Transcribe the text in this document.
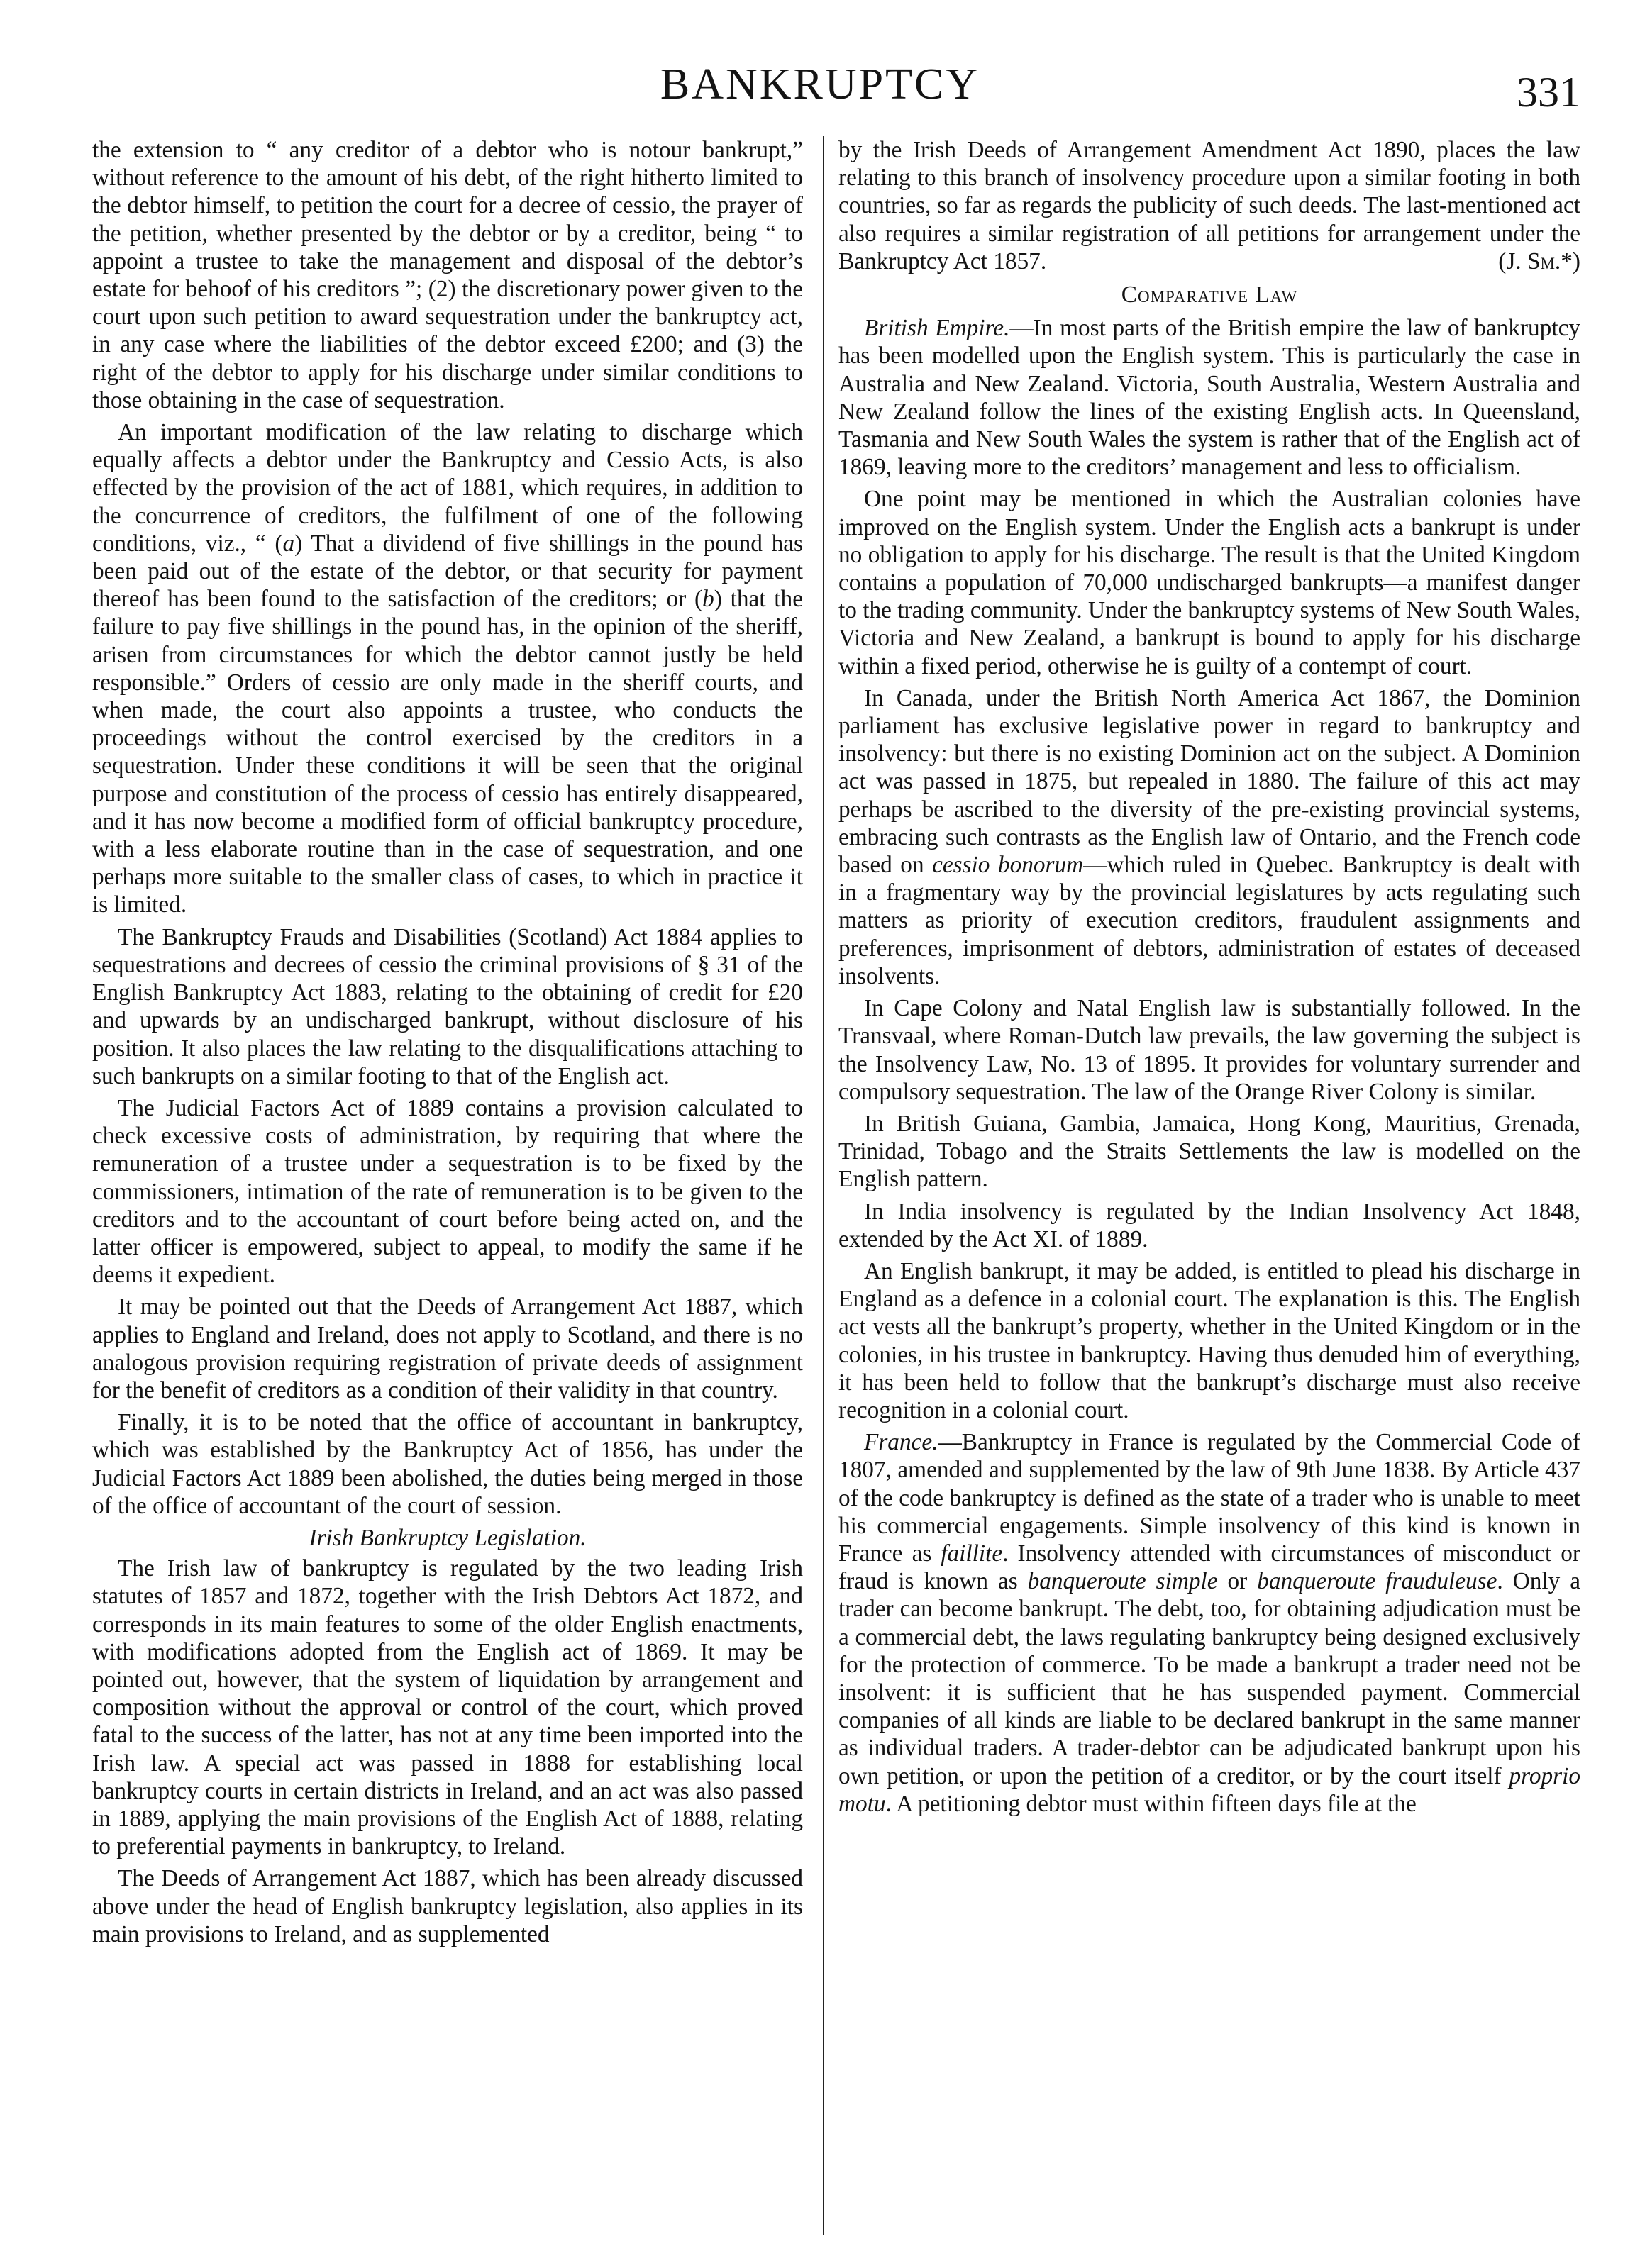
BANKRUPTCY	331

the extension to “ any creditor of a debtor who is notour bankrupt,” without reference to the amount of his debt, of the right hitherto limited to the debtor himself, to petition the court for a decree of cessio, the prayer of the petition, whether presented by the debtor or by a creditor, being “ to appoint a trustee to take the management and disposal of the debtor’s estate for behoof of his creditors ”; (2) the discretionary power given to the court upon such petition to award sequestration under the bankruptcy act, in any case where the liabilities of the debtor exceed £200; and (3) the right of the debtor to apply for his discharge under similar conditions to those obtaining in the case of sequestration.

An important modification of the law relating to discharge which equally affects a debtor under the Bankruptcy and Cessio Acts, is also effected by the provision of the act of 1881, which requires, in addition to the concurrence of creditors, the fulfilment of one of the following conditions, viz., “ (a) That a dividend of five shillings in the pound has been paid out of the estate of the debtor, or that security for payment thereof has been found to the satisfaction of the creditors; or (b) that the failure to pay five shillings in the pound has, in the opinion of the sheriff, arisen from circumstances for which the debtor cannot justly be held responsible.” Orders of cessio are only made in the sheriff courts, and when made, the court also appoints a trustee, who conducts the proceedings without the control exercised by the creditors in a sequestration. Under these conditions it will be seen that the original purpose and constitution of the process of cessio has entirely disappeared, and it has now become a modified form of official bankruptcy procedure, with a less elaborate routine than in the case of sequestration, and one perhaps more suitable to the smaller class of cases, to which in practice it is limited.

The Bankruptcy Frauds and Disabilities (Scotland) Act 1884 applies to sequestrations and decrees of cessio the criminal provisions of § 31 of the English Bankruptcy Act 1883, relating to the obtaining of credit for £20 and upwards by an undischarged bankrupt, without disclosure of his position. It also places the law relating to the disqualifications attaching to such bankrupts on a similar footing to that of the English act.

The Judicial Factors Act of 1889 contains a provision calculated to check excessive costs of administration, by requiring that where the remuneration of a trustee under a sequestration is to be fixed by the commissioners, intimation of the rate of remuneration is to be given to the creditors and to the accountant of court before being acted on, and the latter officer is empowered, subject to appeal, to modify the same if he deems it expedient.

It may be pointed out that the Deeds of Arrangement Act 1887, which applies to England and Ireland, does not apply to Scotland, and there is no analogous provision requiring registration of private deeds of assignment for the benefit of creditors as a condition of their validity in that country.

Finally, it is to be noted that the office of accountant in bankruptcy, which was established by the Bankruptcy Act of 1856, has under the Judicial Factors Act 1889 been abolished, the duties being merged in those of the office of accountant of the court of session.

Irish Bankruptcy Legislation.

The Irish law of bankruptcy is regulated by the two leading Irish statutes of 1857 and 1872, together with the Irish Debtors Act 1872, and corresponds in its main features to some of the older English enactments, with modifications adopted from the English act of 1869. It may be pointed out, however, that the system of liquidation by arrangement and composition without the approval or control of the court, which proved fatal to the success of the latter, has not at any time been imported into the Irish law. A special act was passed in 1888 for establishing local bankruptcy courts in certain districts in Ireland, and an act was also passed in 1889, applying the main provisions of the English Act of 1888, relating to preferential payments in bankruptcy, to Ireland.

The Deeds of Arrangement Act 1887, which has been already discussed above under the head of English bankruptcy legislation, also applies in its main provisions to Ireland, and as supplemented

by the Irish Deeds of Arrangement Amendment Act 1890, places the law relating to this branch of insolvency procedure upon a similar footing in both countries, so far as regards the publicity of such deeds. The last-mentioned act also requires a similar registration of all petitions for arrangement under the Bankruptcy Act 1857.	(J. Sm.*)

Comparative Law

British Empire.—In most parts of the British empire the law of bankruptcy has been modelled upon the English system. This is particularly the case in Australia and New Zealand. Victoria, South Australia, Western Australia and New Zealand follow the lines of the existing English acts. In Queensland, Tasmania and New South Wales the system is rather that of the English act of 1869, leaving more to the creditors’ management and less to officialism.

One point may be mentioned in which the Australian colonies have improved on the English system. Under the English acts a bankrupt is under no obligation to apply for his discharge. The result is that the United Kingdom contains a population of 70,000 undischarged bankrupts—a manifest danger to the trading community. Under the bankruptcy systems of New South Wales, Victoria and New Zealand, a bankrupt is bound to apply for his discharge within a fixed period, otherwise he is guilty of a contempt of court.

In Canada, under the British North America Act 1867, the Dominion parliament has exclusive legislative power in regard to bankruptcy and insolvency: but there is no existing Dominion act on the subject. A Dominion act was passed in 1875, but repealed in 1880. The failure of this act may perhaps be ascribed to the diversity of the pre-existing provincial systems, embracing such contrasts as the English law of Ontario, and the French code based on cessio bonorum—which ruled in Quebec. Bankruptcy is dealt with in a fragmentary way by the provincial legislatures by acts regulating such matters as priority of execution creditors, fraudulent assignments and preferences, imprisonment of debtors, administration of estates of deceased insolvents.

In Cape Colony and Natal English law is substantially followed. In the Transvaal, where Roman-Dutch law prevails, the law governing the subject is the Insolvency Law, No. 13 of 1895. It provides for voluntary surrender and compulsory sequestration. The law of the Orange River Colony is similar.

In British Guiana, Gambia, Jamaica, Hong Kong, Mauritius, Grenada, Trinidad, Tobago and the Straits Settlements the law is modelled on the English pattern.

In India insolvency is regulated by the Indian Insolvency Act 1848, extended by the Act XI. of 1889.

An English bankrupt, it may be added, is entitled to plead his discharge in England as a defence in a colonial court. The explanation is this. The English act vests all the bankrupt’s property, whether in the United Kingdom or in the colonies, in his trustee in bankruptcy. Having thus denuded him of everything, it has been held to follow that the bankrupt’s discharge must also receive recognition in a colonial court.

France.—Bankruptcy in France is regulated by the Commercial Code of 1807, amended and supplemented by the law of 9th June 1838. By Article 437 of the code bankruptcy is defined as the state of a trader who is unable to meet his commercial engagements. Simple insolvency of this kind is known in France as faillite. Insolvency attended with circumstances of misconduct or fraud is known as banqueroute simple or banqueroute frauduleuse. Only a trader can become bankrupt. The debt, too, for obtaining adjudication must be a commercial debt, the laws regulating bankruptcy being designed exclusively for the protection of commerce. To be made a bankrupt a trader need not be insolvent: it is sufficient that he has suspended payment. Commercial companies of all kinds are liable to be declared bankrupt in the same manner as individual traders. A trader-debtor can be adjudicated bankrupt upon his own petition, or upon the petition of a creditor, or by the court itself proprio motu. A petitioning debtor must within fifteen days file at the
